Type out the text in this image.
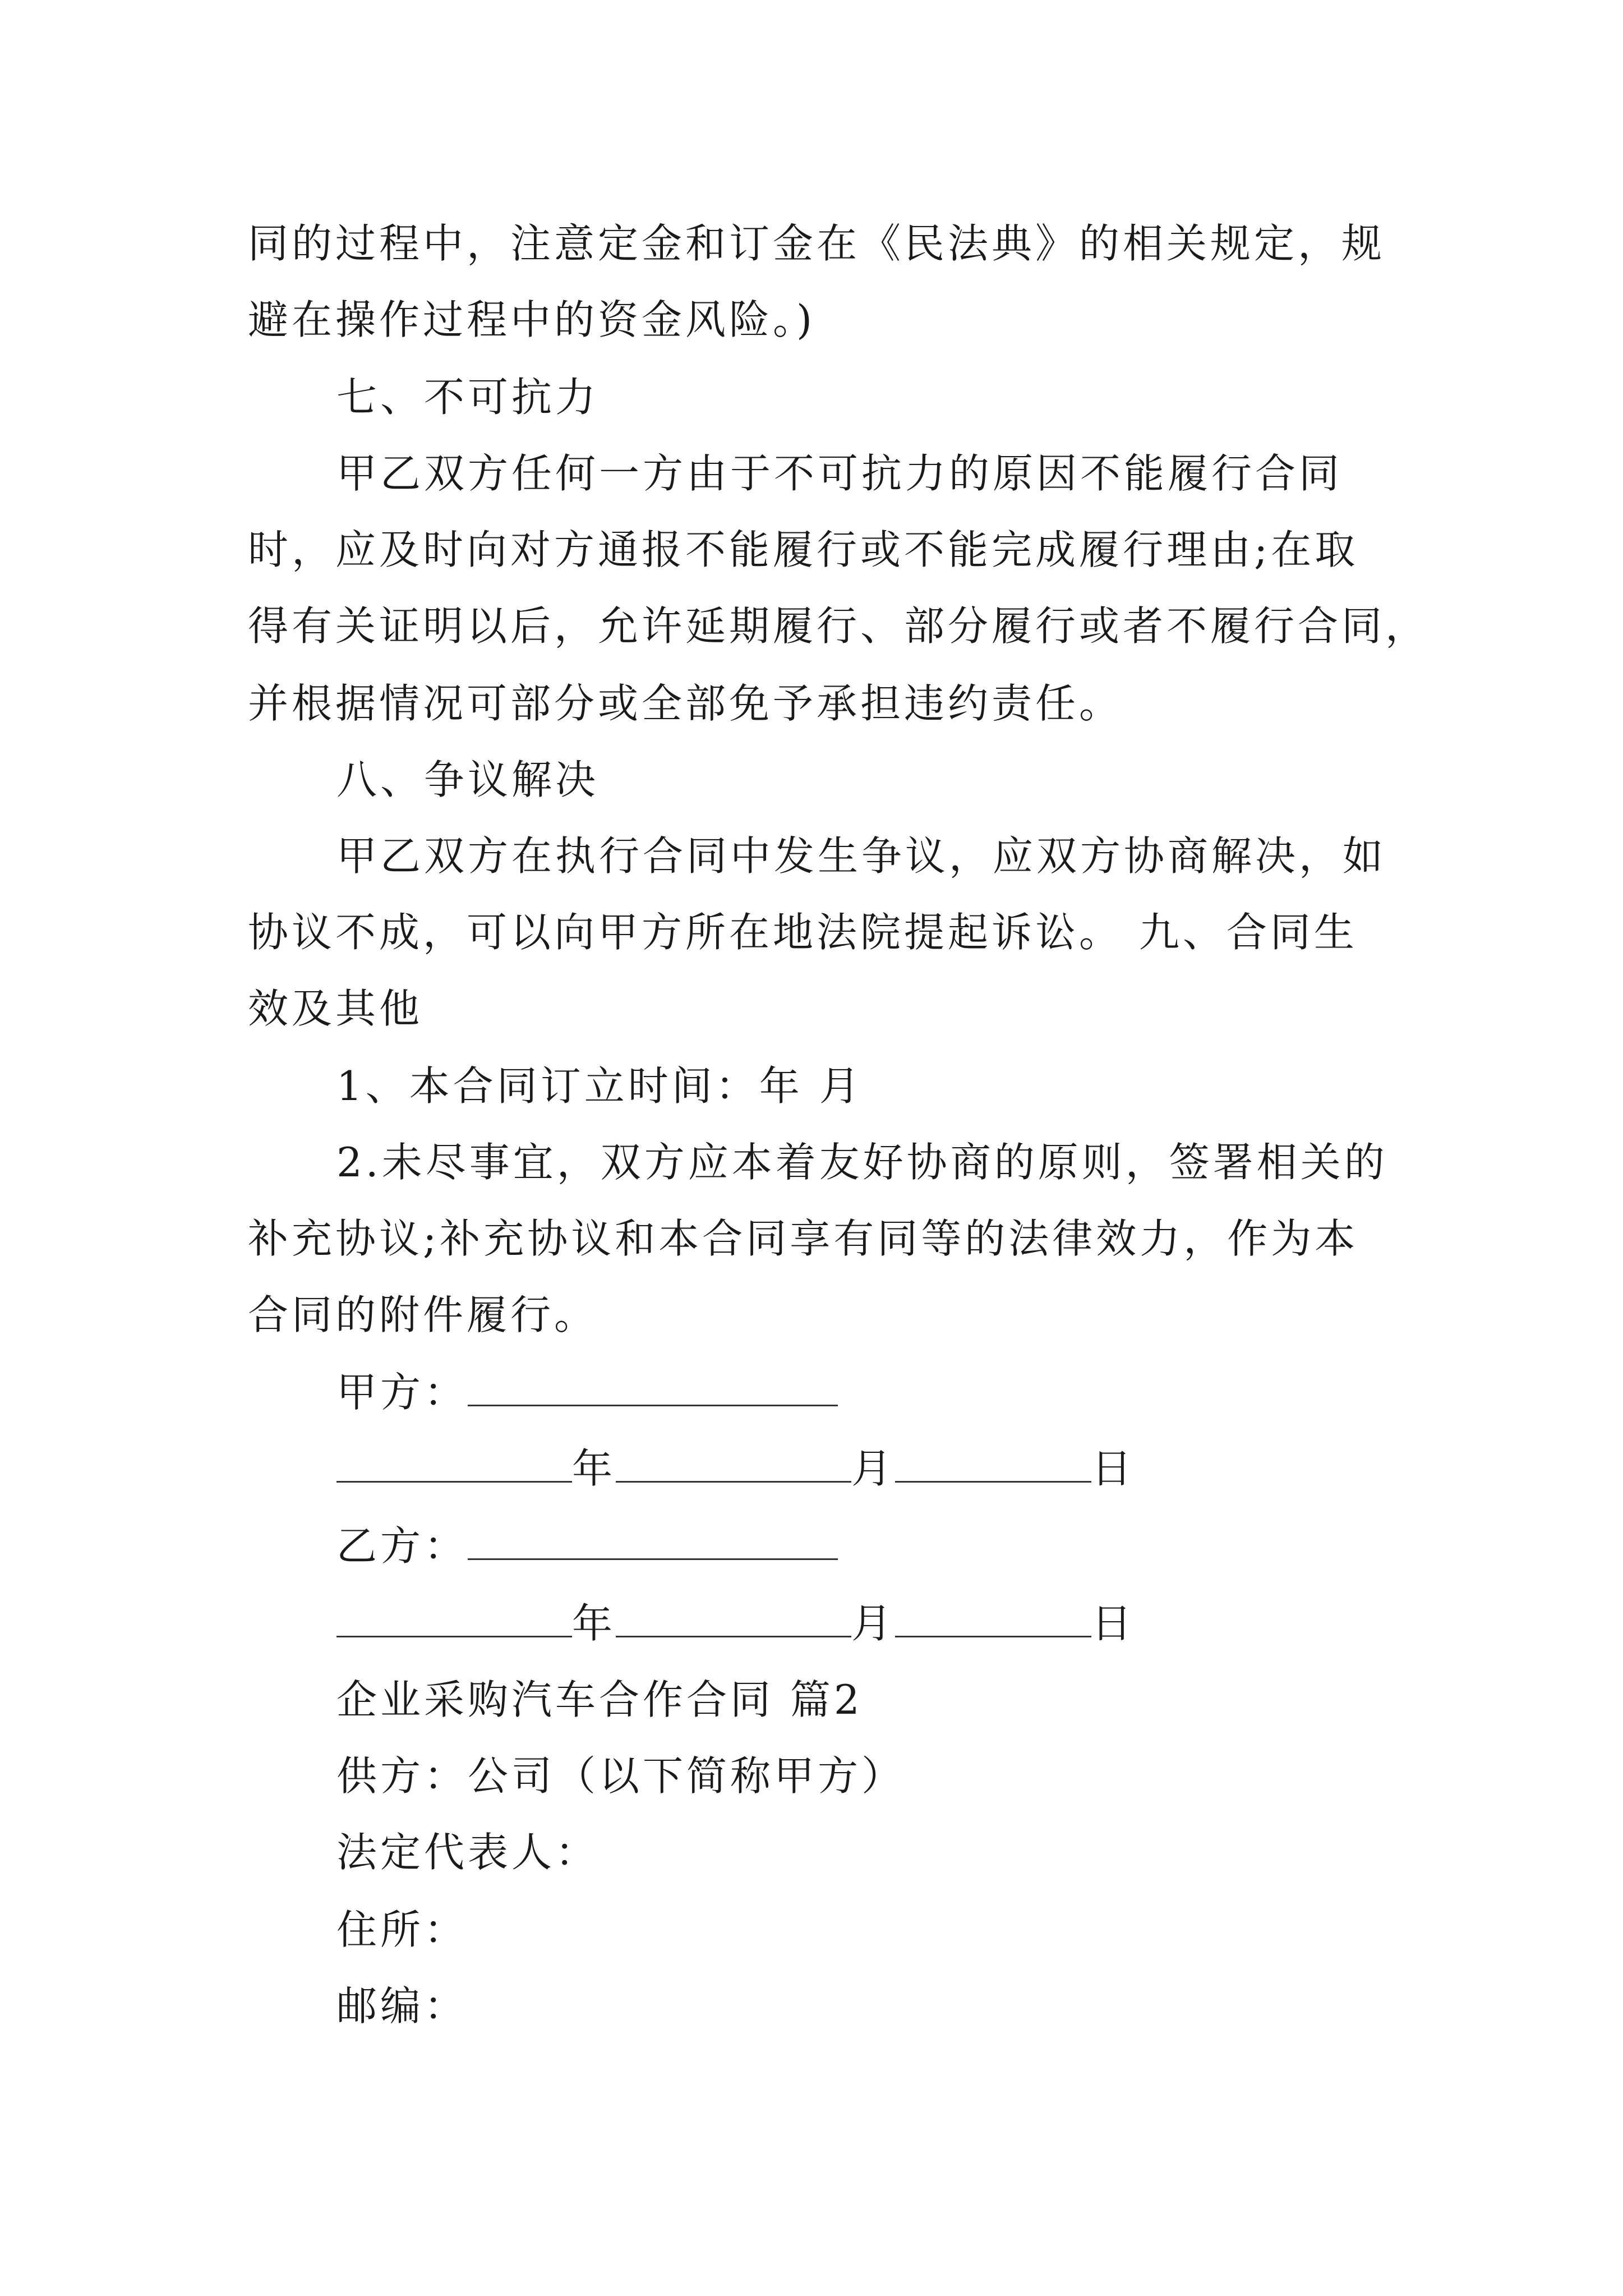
同的过程中，注意定金和订金在《民法典》的相关规定，规
避在操作过程中的资金风险。)
七、不可抗力
甲乙双方任何一方由于不可抗力的原因不能履行合同
时，应及时向对方通报不能履行或不能完成履行理由;在取
得有关证明以后，允许延期履行、部分履行或者不履行合同，
并根据情况可部分或全部免予承担违约责任。
八、争议解决
甲乙双方在执行合同中发生争议，应双方协商解决，如
协议不成，可以向甲方所在地法院提起诉讼。 九、合同生
效及其他
1、本合同订立时间：年 月
2.未尽事宜，双方应本着友好协商的原则，签署相关的
补充协议;补充协议和本合同享有同等的法律效力，作为本
合同的附件履行。
甲方：
年	月	日
乙方：
年	月	日
企业采购汽车合作合同 篇2
供方：公司（以下简称甲方）
法定代表人：
住所：
邮编：
